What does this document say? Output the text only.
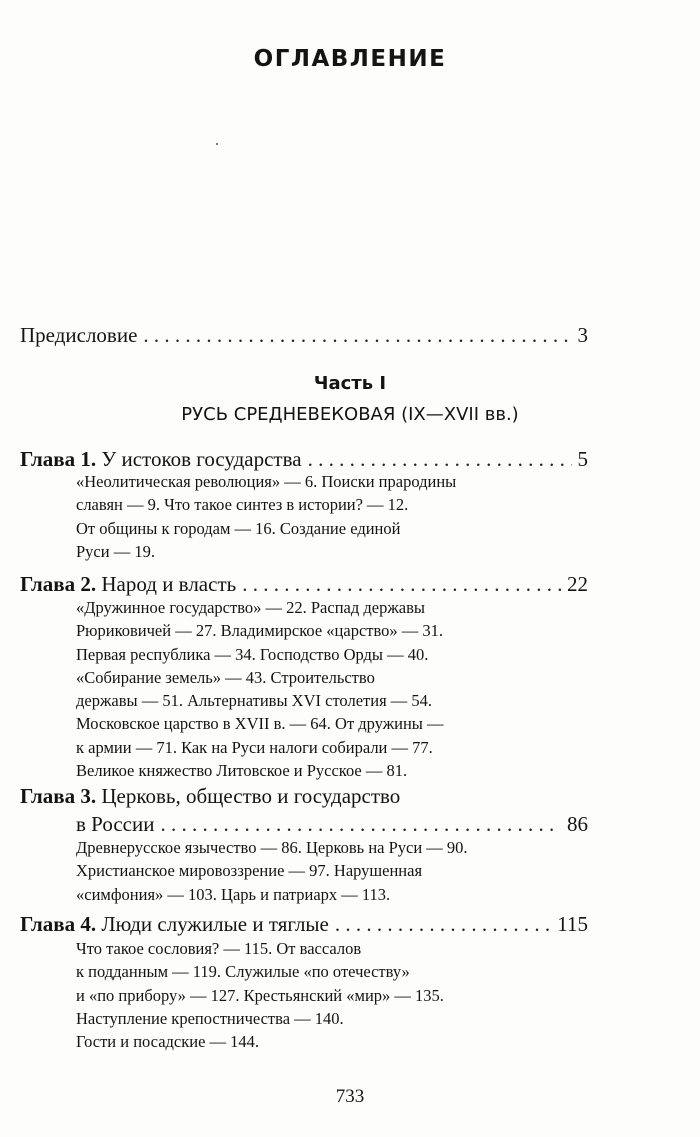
ОГЛАВЛЕНИЕ
Предисловие . . .	3
Часть I
РУСЬ СРЕДНЕВЕКОВАЯ (IX—XVII вв.)
Глава 1. У истоков государства . . .	5
«Неолитическая революция» — 6. Поиски прародины
славян — 9. Что такое синтез в истории? — 12.
От общины к городам — 16. Создание единой
Руси — 19.
Глава 2. Народ и власть . . .	22
«Дружинное государство» — 22. Распад державы
Рюриковичей — 27. Владимирское «царство» — 31.
Первая республика — 34. Господство Орды — 40.
«Собирание земель» — 43. Строительство
державы — 51. Альтернативы XVI столетия — 54.
Московское царство в XVII в. — 64. От дружины —
к армии — 71. Как на Руси налоги собирали — 77.
Великое княжество Литовское и Русское — 81.
Глава 3. Церковь, общество и государство
в России . . .	86
Древнерусское язычество — 86. Церковь на Руси — 90.
Христианское мировоззрение — 97. Нарушенная
«симфония» — 103. Царь и патриарх — 113.
Глава 4. Люди служилые и тяглые . . .	115
Что такое сословия? — 115. От вассалов
к подданным — 119. Служилые «по отечеству»
и «по прибору» — 127. Крестьянский «мир» — 135.
Наступление крепостничества — 140.
Гости и посадские — 144.
733
